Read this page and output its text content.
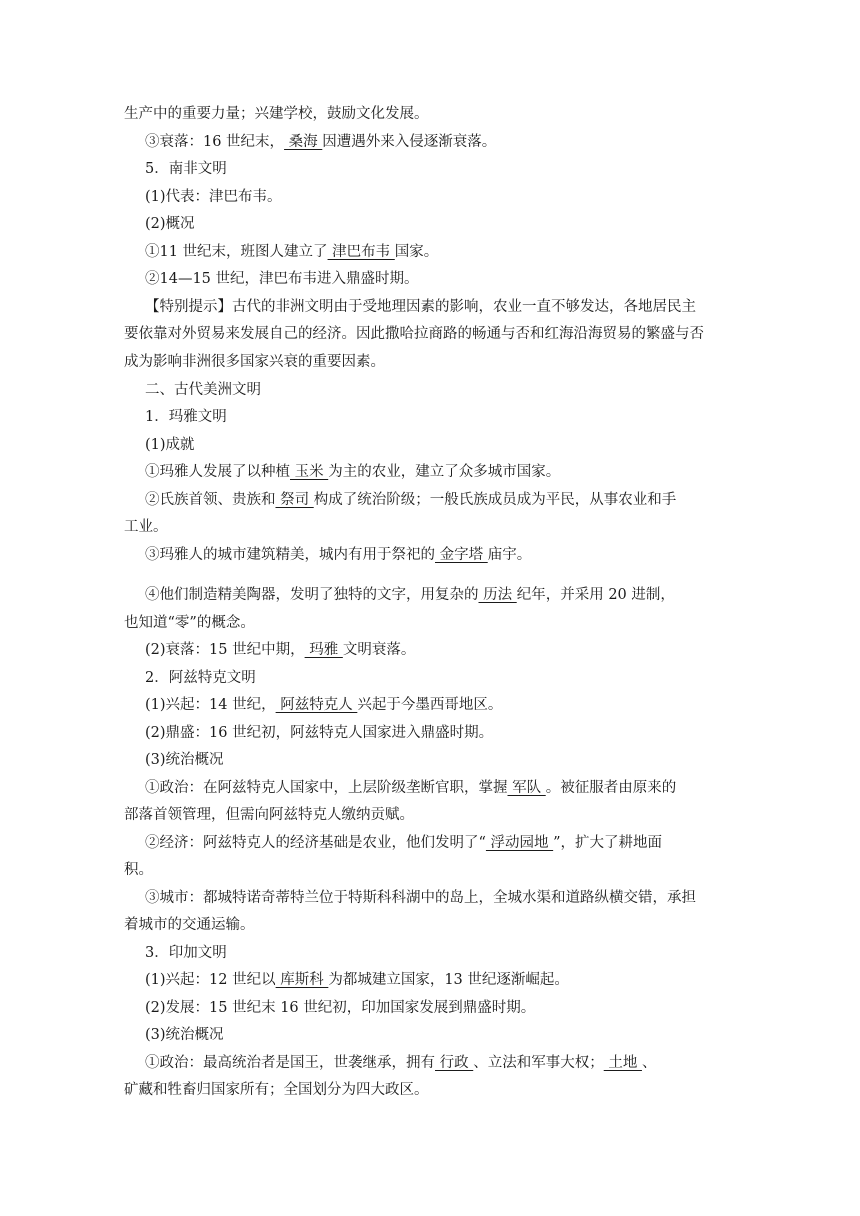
生产中的重要力量；兴建学校，鼓励文化发展。
③衰落：16 世纪末， 桑海 因遭遇外来入侵逐渐衰落。
5．南非文明
(1)代表：津巴布韦。
(2)概况
①11 世纪末，班图人建立了 津巴布韦 国家。
②14—15 世纪，津巴布韦进入鼎盛时期。
【特别提示】古代的非洲文明由于受地理因素的影响，农业一直不够发达，各地居民主
要依靠对外贸易来发展自己的经济。因此撒哈拉商路的畅通与否和红海沿海贸易的繁盛与否
成为影响非洲很多国家兴衰的重要因素。
二、古代美洲文明
1．玛雅文明
(1)成就
①玛雅人发展了以种植 玉米 为主的农业，建立了众多城市国家。
②氏族首领、贵族和 祭司 构成了统治阶级；一般氏族成员成为平民，从事农业和手
工业。
③玛雅人的城市建筑精美，城内有用于祭祀的 金字塔 庙宇。
④他们制造精美陶器，发明了独特的文字，用复杂的 历法 纪年，并采用 20 进制，
也知道“零”的概念。
(2)衰落：15 世纪中期， 玛雅 文明衰落。
2．阿兹特克文明
(1)兴起：14 世纪， 阿兹特克人 兴起于今墨西哥地区。
(2)鼎盛：16 世纪初，阿兹特克人国家进入鼎盛时期。
(3)统治概况
①政治：在阿兹特克人国家中，上层阶级垄断官职，掌握 军队 。被征服者由原来的
部落首领管理，但需向阿兹特克人缴纳贡赋。
②经济：阿兹特克人的经济基础是农业，他们发明了“ 浮动园地 ”，扩大了耕地面
积。
③城市：都城特诺奇蒂特兰位于特斯科科湖中的岛上，全城水渠和道路纵横交错，承担
着城市的交通运输。
3．印加文明
(1)兴起：12 世纪以 库斯科 为都城建立国家，13 世纪逐渐崛起。
(2)发展：15 世纪末 16 世纪初，印加国家发展到鼎盛时期。
(3)统治概况
①政治：最高统治者是国王，世袭继承，拥有 行政 、立法和军事大权； 土地 、
矿藏和牲畜归国家所有；全国划分为四大政区。
